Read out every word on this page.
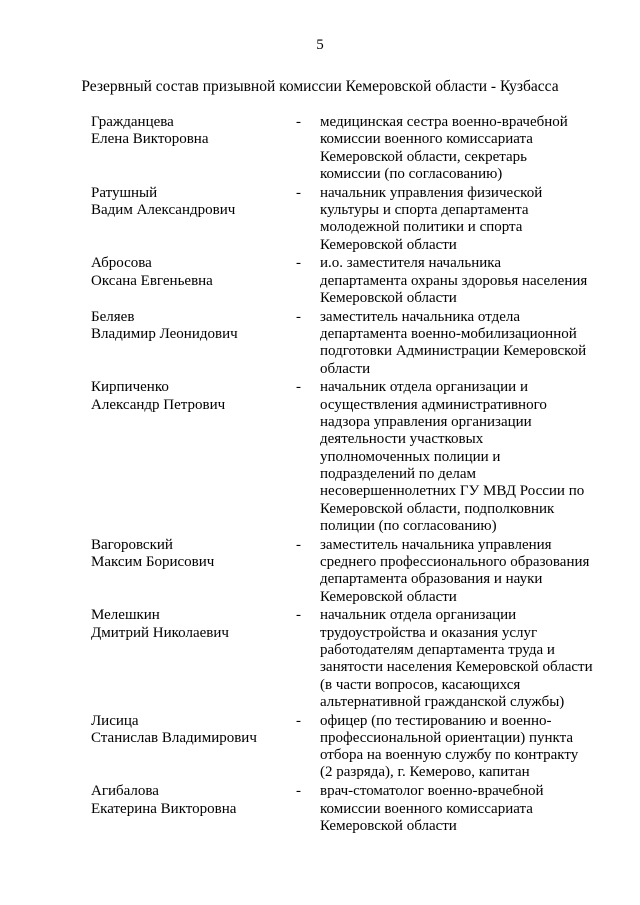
5
Резервный состав призывной комиссии Кемеровской области - Кузбасса
Гражданцева
Елена Викторовна
-	медицинская сестра военно-врачебной
комиссии военного комиссариата
Кемеровской области, секретарь
комиссии (по согласованию)
Ратушный
Вадим Александрович
-	начальник управления физической
культуры и спорта департамента
молодежной политики и спорта
Кемеровской области
Абросова
Оксана Евгеньевна
-	и.о. заместителя начальника
департамента охраны здоровья населения
Кемеровской области
Беляев
Владимир Леонидович
-	заместитель начальника отдела
департамента военно-мобилизационной
подготовки Администрации Кемеровской
области
Кирпиченко
Александр Петрович
-	начальник отдела организации и
осуществления административного
надзора управления организации
деятельности участковых
уполномоченных полиции и
подразделений по делам
несовершеннолетних ГУ МВД России по
Кемеровской области, подполковник
полиции (по согласованию)
Вагоровский
Максим Борисович
-	заместитель начальника управления
среднего профессионального образования
департамента образования и науки
Кемеровской области
Мелешкин
Дмитрий Николаевич
-	начальник отдела организации
трудоустройства и оказания услуг
работодателям департамента труда и
занятости населения Кемеровской области
(в части вопросов, касающихся
альтернативной гражданской службы)
Лисица
Станислав Владимирович
-	офицер (по тестированию и военно-
профессиональной ориентации) пункта
отбора на военную службу по контракту
(2 разряда), г. Кемерово, капитан
Агибалова
Екатерина Викторовна
-	врач-стоматолог военно-врачебной
комиссии военного комиссариата
Кемеровской области
